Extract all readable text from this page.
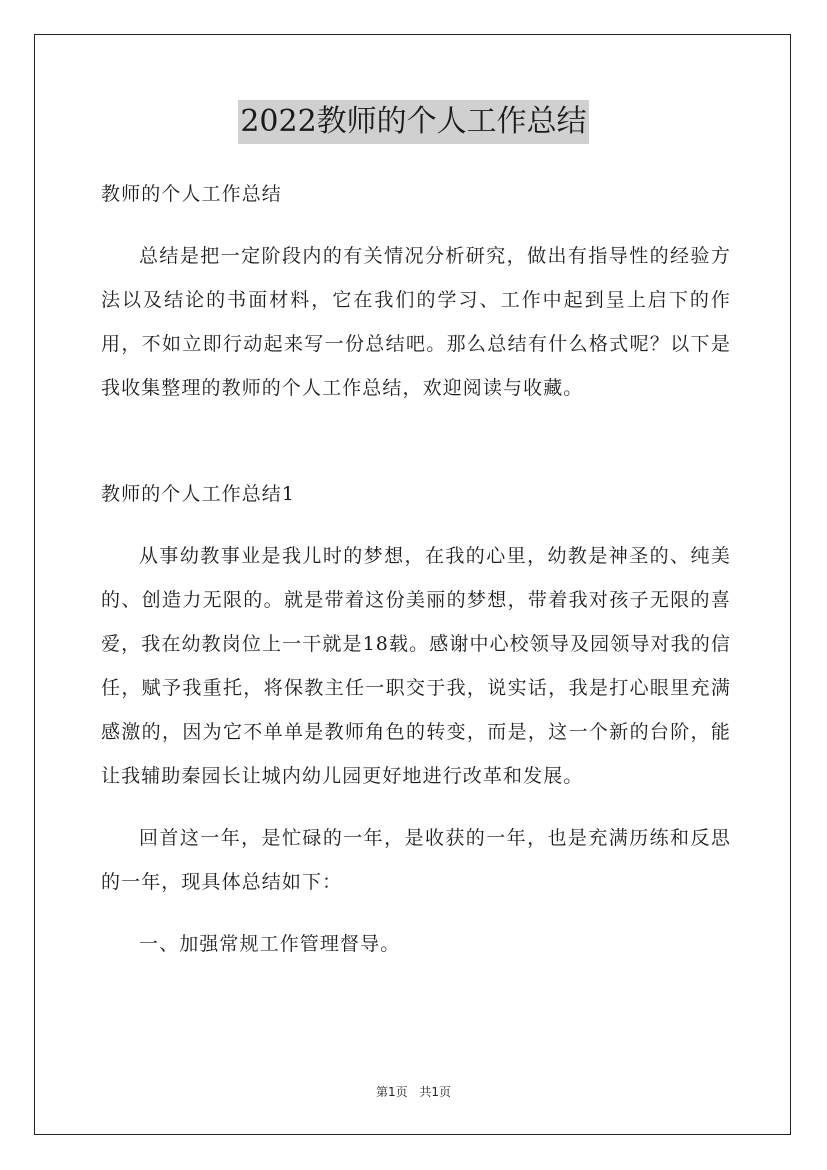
2022教师的个人工作总结

教师的个人工作总结

总结是把一定阶段内的有关情况分析研究，做出有指导性的经验方法以及结论的书面材料，它在我们的学习、工作中起到呈上启下的作用，不如立即行动起来写一份总结吧。那么总结有什么格式呢？以下是我收集整理的教师的个人工作总结，欢迎阅读与收藏。

教师的个人工作总结1

从事幼教事业是我儿时的梦想，在我的心里，幼教是神圣的、纯美的、创造力无限的。就是带着这份美丽的梦想，带着我对孩子无限的喜爱，我在幼教岗位上一干就是18载。感谢中心校领导及园领导对我的信任，赋予我重托，将保教主任一职交于我，说实话，我是打心眼里充满感激的，因为它不单单是教师角色的转变，而是，这一个新的台阶，能让我辅助秦园长让城内幼儿园更好地进行改革和发展。

回首这一年，是忙碌的一年，是收获的一年，也是充满历练和反思的一年，现具体总结如下：

一、加强常规工作管理督导。

第1页 共1页
